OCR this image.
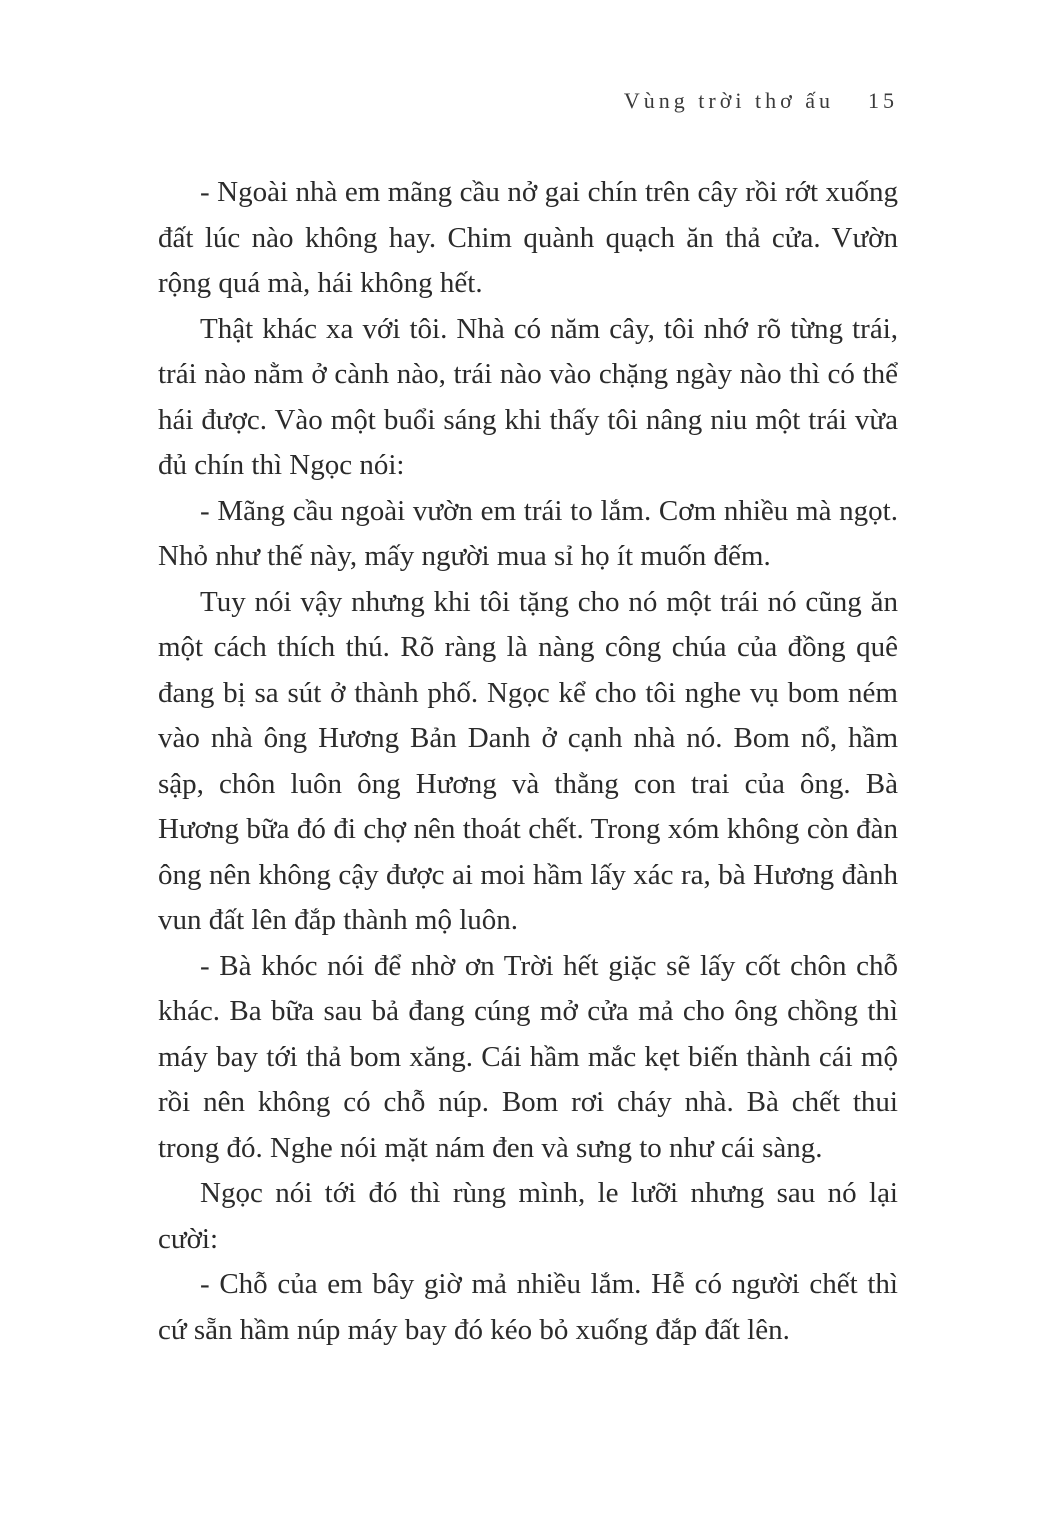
Vùng trời thơ ấu 15

- Ngoài nhà em mãng cầu nở gai chín trên cây rồi rớt xuống đất lúc nào không hay. Chim quành quạch ăn thả cửa. Vườn rộng quá mà, hái không hết.

Thật khác xa với tôi. Nhà có năm cây, tôi nhớ rõ từng trái, trái nào nằm ở cành nào, trái nào vào chặng ngày nào thì có thể hái được. Vào một buổi sáng khi thấy tôi nâng niu một trái vừa đủ chín thì Ngọc nói:

- Mãng cầu ngoài vườn em trái to lắm. Cơm nhiều mà ngọt. Nhỏ như thế này, mấy người mua sỉ họ ít muốn đếm.

Tuy nói vậy nhưng khi tôi tặng cho nó một trái nó cũng ăn một cách thích thú. Rõ ràng là nàng công chúa của đồng quê đang bị sa sút ở thành phố. Ngọc kể cho tôi nghe vụ bom ném vào nhà ông Hương Bản Danh ở cạnh nhà nó. Bom nổ, hầm sập, chôn luôn ông Hương và thằng con trai của ông. Bà Hương bữa đó đi chợ nên thoát chết. Trong xóm không còn đàn ông nên không cậy được ai moi hầm lấy xác ra, bà Hương đành vun đất lên đắp thành mộ luôn.

- Bà khóc nói để nhờ ơn Trời hết giặc sẽ lấy cốt chôn chỗ khác. Ba bữa sau bả đang cúng mở cửa mả cho ông chồng thì máy bay tới thả bom xăng. Cái hầm mắc kẹt biến thành cái mộ rồi nên không có chỗ núp. Bom rơi cháy nhà. Bà chết thui trong đó. Nghe nói mặt nám đen và sưng to như cái sàng.

Ngọc nói tới đó thì rùng mình, le lưỡi nhưng sau nó lại cười:

- Chỗ của em bây giờ mả nhiều lắm. Hễ có người chết thì cứ sẵn hầm núp máy bay đó kéo bỏ xuống đắp đất lên.
